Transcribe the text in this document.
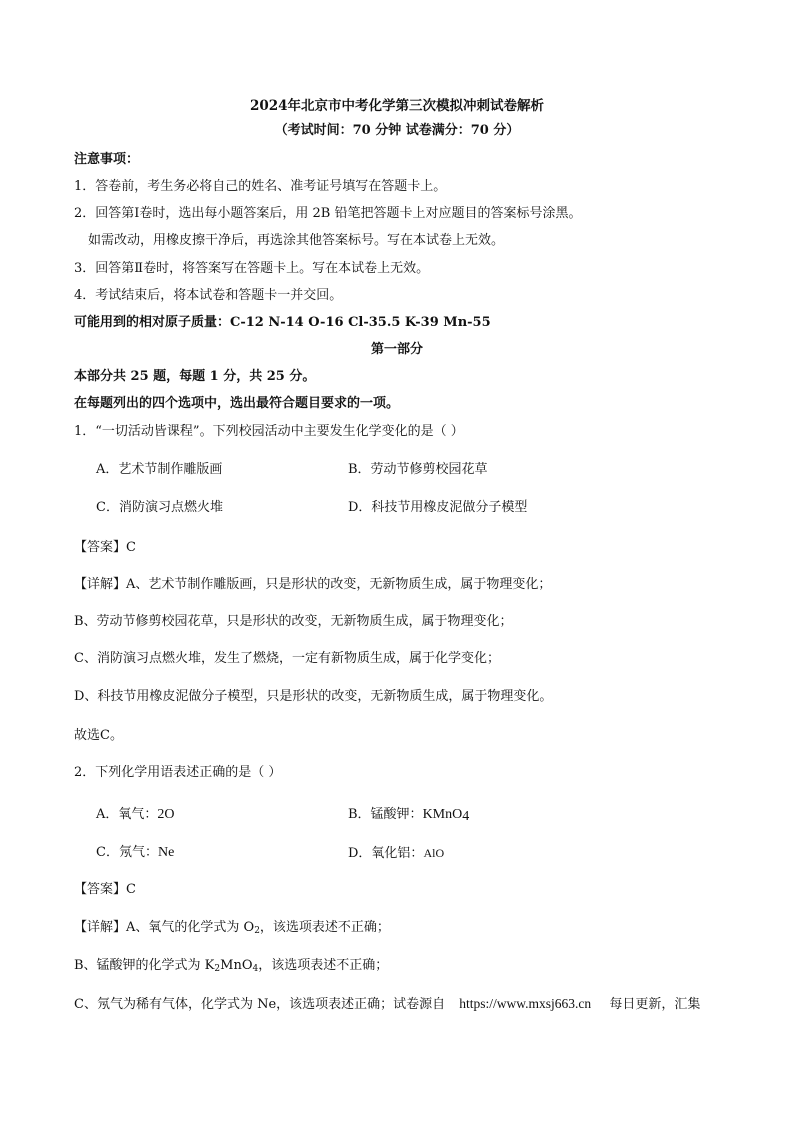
2024年北京市中考化学第三次模拟冲刺试卷解析
（考试时间：70 分钟 试卷满分：70 分）
注意事项：
1．答卷前，考生务必将自己的姓名、准考证号填写在答题卡上。
2．回答第Ⅰ卷时，选出每小题答案后，用 2B 铅笔把答题卡上对应题目的答案标号涂黑。
如需改动，用橡皮擦干净后，再选涂其他答案标号。写在本试卷上无效。
3．回答第Ⅱ卷时，将答案写在答题卡上。写在本试卷上无效。
4．考试结束后，将本试卷和答题卡一并交回。
可能用到的相对原子质量：C-12 N-14 O-16 Cl-35.5 K-39 Mn-55
第一部分
本部分共 25 题，每题 1 分，共 25 分。
在每题列出的四个选项中，选出最符合题目要求的一项。
1．“一切活动皆课程”。下列校园活动中主要发生化学变化的是（ ）
A．艺术节制作雕版画	B．劳动节修剪校园花草
C．消防演习点燃火堆	D．科技节用橡皮泥做分子模型
【答案】C
【详解】A、艺术节制作雕版画，只是形状的改变，无新物质生成，属于物理变化；
B、劳动节修剪校园花草，只是形状的改变，无新物质生成，属于物理变化；
C、消防演习点燃火堆，发生了燃烧，一定有新物质生成，属于化学变化；
D、科技节用橡皮泥做分子模型，只是形状的改变，无新物质生成，属于物理变化。
故选C。
2．下列化学用语表述正确的是（ ）
A．氧气：2O	B．锰酸钾：KMnO$_4$
C．氖气：Ne	D．氧化铝：AlO
【答案】C
【详解】A、氧气的化学式为 $O_2$，该选项表述不正确；
B、锰酸钾的化学式为 $K_2MnO_4$，该选项表述不正确；
C、氖气为稀有气体，化学式为 Ne，该选项表述正确；试卷源自 https://www.mxsj663.cn 每日更新，汇集
